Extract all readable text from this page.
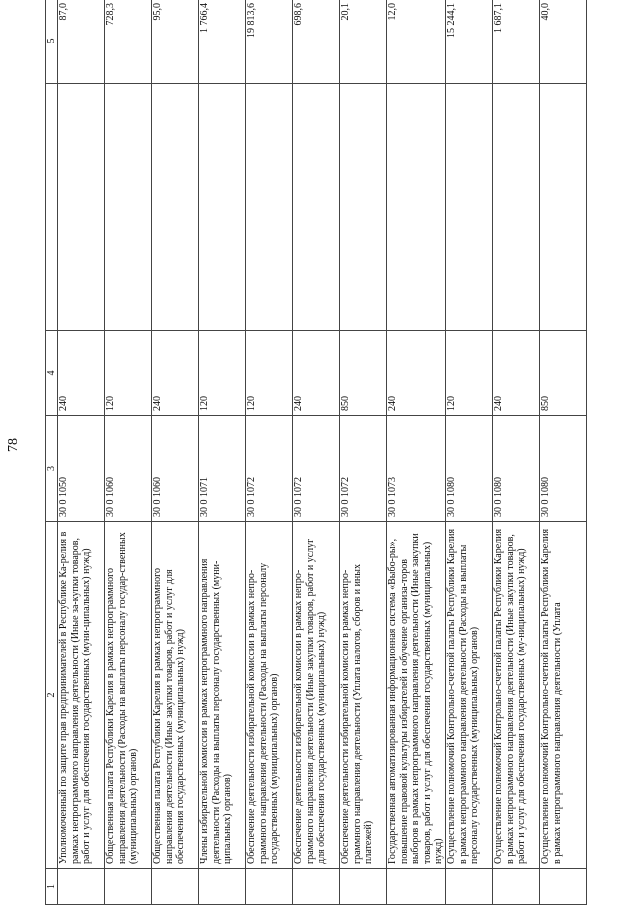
78
1	2	3	4		5
	Уполномоченный по защите прав предпринимателей в Республике Ка-релия в рамках непрограммного направления деятельности (Иные за-купки товаров, работ и услуг для обеспечения государственных (муни-ципальных) нужд)	30 0 1050	240		87,0
	Общественная палата Республики Карелия в рамках непрограммного направления деятельности (Расходы на выплаты персоналу государ-ственных (муниципальных) органов)	30 0 1060	120		728,3
	Общественная палата Республики Карелия в рамках непрограммного направления деятельности (Иные закупки товаров, работ и услуг для обеспечения государственных (муниципальных) нужд)	30 0 1060	240		95,0
	Члены избирательной комиссии в рамках непрограммного направления деятельности (Расходы на выплаты персоналу государственных (муни-ципальных) органов)	30 0 1071	120		1 766,4
	Обеспечение деятельности избирательной комиссии в рамках непро-граммного направления деятельности (Расходы на выплаты персоналу государственных (муниципальных) органов)	30 0 1072	120		19 813,6
	Обеспечение деятельности избирательной комиссии в рамках непро-граммного направления деятельности (Иные закупки товаров, работ и услуг для обеспечения государственных (муниципальных) нужд)	30 0 1072	240		698,6
	Обеспечение деятельности избирательной комиссии в рамках непро-граммного направления деятельности (Уплата налогов, сборов и иных платежей)	30 0 1072	850		20,1
	Государственная автоматизированная информационная система «Выбо-ры», повышение правовой культуры избирателей и обучение организа-торов выборов в рамках непрограммного направления деятельности (Иные закупки товаров, работ и услуг для обеспечения государственных (муниципальных) нужд)	30 0 1073	240		12,0
	Осуществление полномочий Контрольно-счетной палаты Республики Карелия в рамках непрограммного направления деятельности (Расходы на выплаты персоналу государственных (муниципальных) органов)	30 0 1080	120		15 244,1
	Осуществление полномочий Контрольно-счетной палаты Республики Карелия в рамках непрограммного направления деятельности (Иные закупки товаров, работ и услуг для обеспечения государственных (му-ниципальных) нужд)	30 0 1080	240		1 687,1
	Осуществление полномочий Контрольно-счетной палаты Республики Карелия в рамках непрограммного направления деятельности (Уплата	30 0 1080	850		40,0
